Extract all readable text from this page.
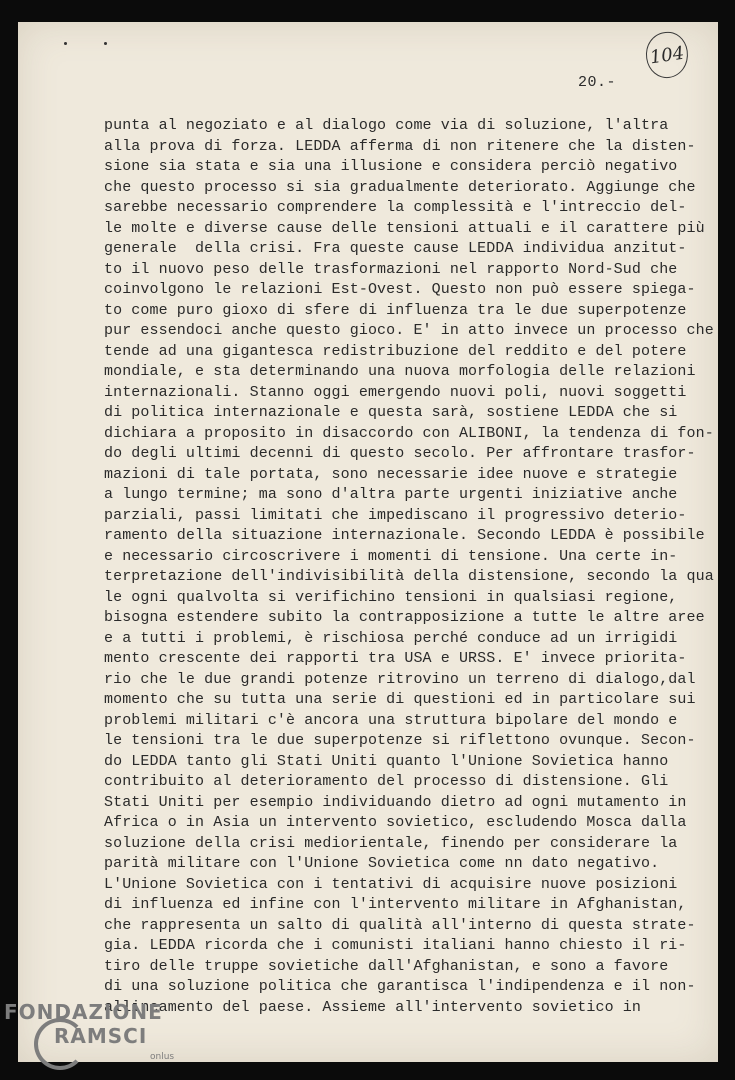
104
20.-
punta al negoziato e al dialogo come via di soluzione, l'altra
alla prova di forza. LEDDA afferma di non ritenere che la disten-
sione sia stata e sia una illusione e considera perciò negativo
che questo processo si sia gradualmente deteriorato. Aggiunge che
sarebbe necessario comprendere la complessità e l'intreccio del-
le molte e diverse cause delle tensioni attuali e il carattere più
generale  della crisi. Fra queste cause LEDDA individua anzitut-
to il nuovo peso delle trasformazioni nel rapporto Nord-Sud che
coinvolgono le relazioni Est-Ovest. Questo non può essere spiega-
to come puro gioxo di sfere di influenza tra le due superpotenze
pur essendoci anche questo gioco. E' in atto invece un processo che
tende ad una gigantesca redistribuzione del reddito e del potere
mondiale, e sta determinando una nuova morfologia delle relazioni
internazionali. Stanno oggi emergendo nuovi poli, nuovi soggetti
di politica internazionale e questa sarà, sostiene LEDDA che si
dichiara a proposito in disaccordo con ALIBONI, la tendenza di fon-
do degli ultimi decenni di questo secolo. Per affrontare trasfor-
mazioni di tale portata, sono necessarie idee nuove e strategie
a lungo termine; ma sono d'altra parte urgenti iniziative anche
parziali, passi limitati che impediscano il progressivo deterio-
ramento della situazione internazionale. Secondo LEDDA è possibile
e necessario circoscrivere i momenti di tensione. Una certe in-
terpretazione dell'indivisibilità della distensione, secondo la qua
le ogni qualvolta si verifichino tensioni in qualsiasi regione,
bisogna estendere subito la contrapposizione a tutte le altre aree
e a tutti i problemi, è rischiosa perché conduce ad un irrigidi
mento crescente dei rapporti tra USA e URSS. E' invece priorita-
rio che le due grandi potenze ritrovino un terreno di dialogo,dal
momento che su tutta una serie di questioni ed in particolare sui
problemi militari c'è ancora una struttura bipolare del mondo e
le tensioni tra le due superpotenze si riflettono ovunque. Secon-
do LEDDA tanto gli Stati Uniti quanto l'Unione Sovietica hanno
contribuito al deterioramento del processo di distensione. Gli
Stati Uniti per esempio individuando dietro ad ogni mutamento in
Africa o in Asia un intervento sovietico, escludendo Mosca dalla
soluzione della crisi mediorientale, finendo per considerare la
parità militare con l'Unione Sovietica come nn dato negativo.
L'Unione Sovietica con i tentativi di acquisire nuove posizioni
di influenza ed infine con l'intervento militare in Afghanistan,
che rappresenta un salto di qualità all'interno di questa strate-
gia. LEDDA ricorda che i comunisti italiani hanno chiesto il ri-
tiro delle truppe sovietiche dall'Afghanistan, e sono a favore
di una soluzione politica che garantisca l'indipendenza e il non-
allineamento del paese. Assieme all'intervento sovietico in
FONDAZIONE
RAMSCI
onlus
